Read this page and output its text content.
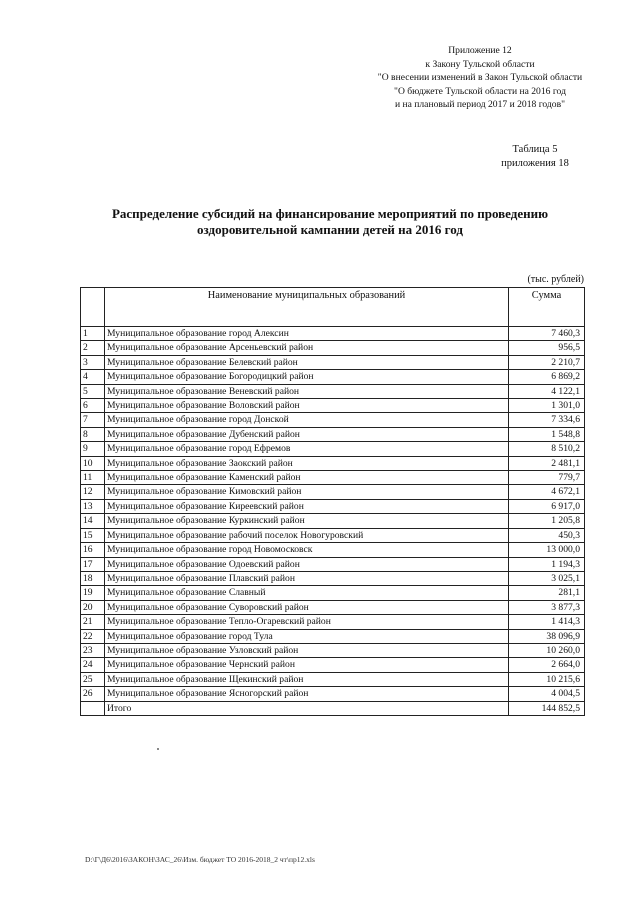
Приложение 12
к Закону Тульской области
"О внесении изменений в Закон Тульской области
"О бюджете Тульской области на 2016 год
и на плановый период 2017 и 2018 годов"
Таблица 5
приложения 18
Распределение субсидий на финансирование мероприятий по проведению
оздоровительной кампании детей на 2016 год
(тыс. рублей)
	Наименование муниципальных образований	Сумма
1	Муниципальное образование город Алексин	7 460,3
2	Муниципальное образование Арсеньевский район	956,5
3	Муниципальное образование Белевский район	2 210,7
4	Муниципальное образование Богородицкий район	6 869,2
5	Муниципальное образование Веневский район	4 122,1
6	Муниципальное образование Воловский район	1 301,0
7	Муниципальное образование город Донской	7 334,6
8	Муниципальное образование Дубенский район	1 548,8
9	Муниципальное образование город Ефремов	8 510,2
10	Муниципальное образование Заокский район	2 481,1
11	Муниципальное образование Каменский район	779,7
12	Муниципальное образование Кимовский район	4 672,1
13	Муниципальное образование Киреевский район	6 917,0
14	Муниципальное образование Куркинский район	1 205,8
15	Муниципальное образование рабочий поселок Новогуровский	450,3
16	Муниципальное образование город Новомосковск	13 000,0
17	Муниципальное образование Одоевский район	1 194,3
18	Муниципальное образование Плавский район	3 025,1
19	Муниципальное образование Славный	281,1
20	Муниципальное образование Суворовский район	3 877,3
21	Муниципальное образование Тепло-Огаревский район	1 414,3
22	Муниципальное образование город Тула	38 096,9
23	Муниципальное образование Узловский район	10 260,0
24	Муниципальное образование Чернский район	2 664,0
25	Муниципальное образование Щекинский район	10 215,6
26	Муниципальное образование Ясногорский район	4 004,5
	Итого	144 852,5
D:\Г\Д6\2016\ЗАКОН\ЗАС_26\Изм. бюджет ТО 2016-2018_2 чт\пр12.xls
